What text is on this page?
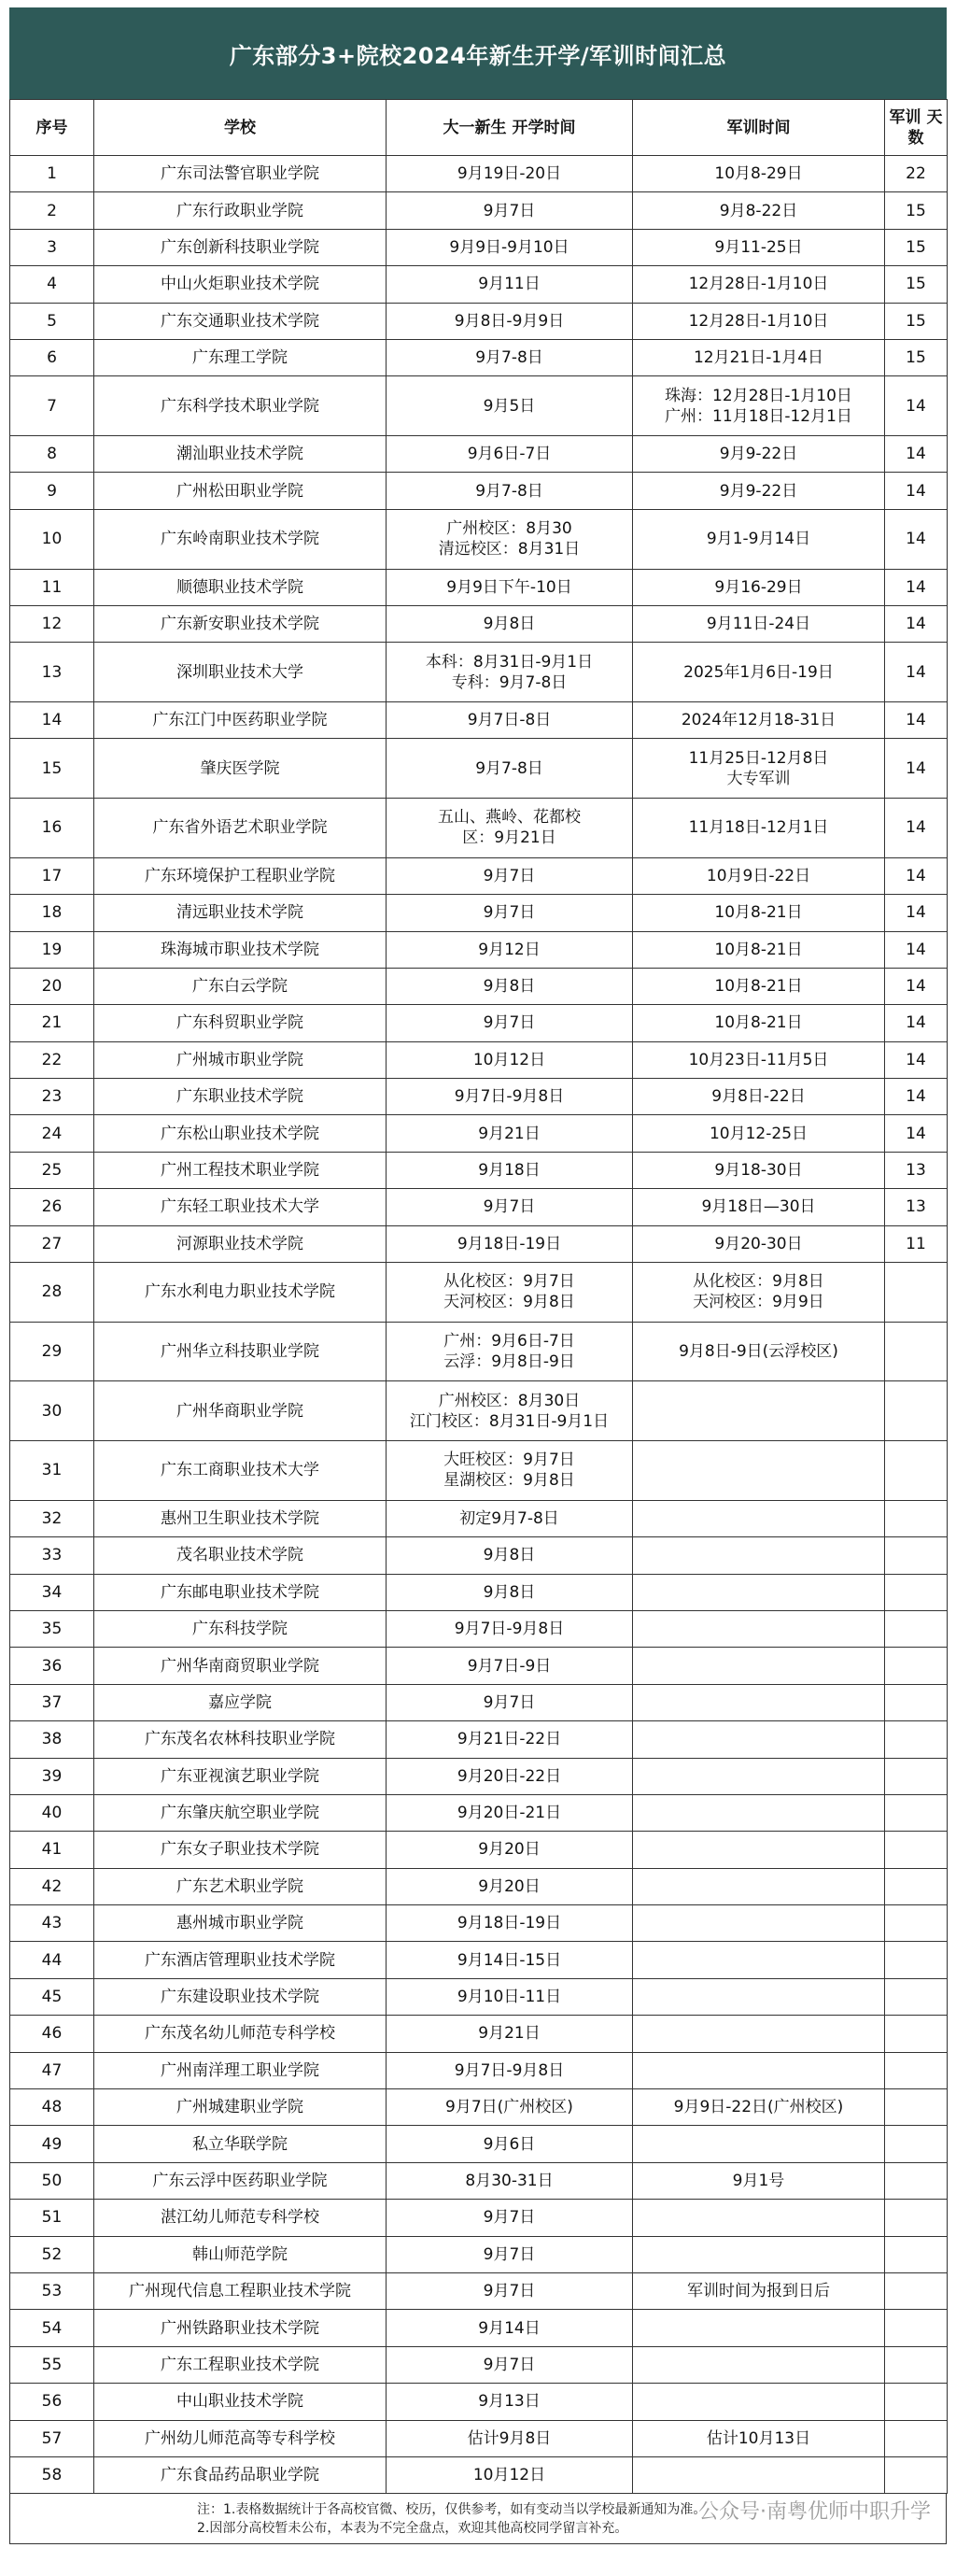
广东部分3+院校2024年新生开学/军训时间汇总
序号	学校	大一新生 开学时间	军训时间	军训 天数
1	广东司法警官职业学院	9月19日-20日	10月8-29日	22
2	广东行政职业学院	9月7日	9月8-22日	15
3	广东创新科技职业学院	9月9日-9月10日	9月11-25日	15
4	中山火炬职业技术学院	9月11日	12月28日-1月10日	15
5	广东交通职业技术学院	9月8日-9月9日	12月28日-1月10日	15
6	广东理工学院	9月7-8日	12月21日-1月4日	15
7	广东科学技术职业学院	9月5日	珠海：12月28日-1月10日
广州：11月18日-12月1日	14
8	潮汕职业技术学院	9月6日-7日	9月9-22日	14
9	广州松田职业学院	9月7-8日	9月9-22日	14
10	广东岭南职业技术学院	广州校区：8月30
清远校区：8月31日	9月1-9月14日	14
11	顺德职业技术学院	9月9日下午-10日	9月16-29日	14
12	广东新安职业技术学院	9月8日	9月11日-24日	14
13	深圳职业技术大学	本科：8月31日-9月1日
专科：9月7-8日	2025年1月6日-19日	14
14	广东江门中医药职业学院	9月7日-8日	2024年12月18-31日	14
15	肇庆医学院	9月7-8日	11月25日-12月8日
大专军训	14
16	广东省外语艺术职业学院	五山、燕岭、花都校
区：9月21日	11月18日-12月1日	14
17	广东环境保护工程职业学院	9月7日	10月9日-22日	14
18	清远职业技术学院	9月7日	10月8-21日	14
19	珠海城市职业技术学院	9月12日	10月8-21日	14
20	广东白云学院	9月8日	10月8-21日	14
21	广东科贸职业学院	9月7日	10月8-21日	14
22	广州城市职业学院	10月12日	10月23日-11月5日	14
23	广东职业技术学院	9月7日-9月8日	9月8日-22日	14
24	广东松山职业技术学院	9月21日	10月12-25日	14
25	广州工程技术职业学院	9月18日	9月18-30日	13
26	广东轻工职业技术大学	9月7日	9月18日—30日	13
27	河源职业技术学院	9月18日-19日	9月20-30日	11
28	广东水利电力职业技术学院	从化校区：9月7日
天河校区：9月8日	从化校区：9月8日
天河校区：9月9日	

29	广州华立科技职业学院	广州：9月6日-7日
云浮：9月8日-9日	9月8日-9日(云浮校区)	

30	广州华商职业学院	广州校区：8月30日
江门校区：8月31日-9月1日		

31	广东工商职业技术大学	大旺校区：9月7日
星湖校区：9月8日		

32	惠州卫生职业技术学院	初定9月7-8日		

33	茂名职业技术学院	9月8日		

34	广东邮电职业技术学院	9月8日		

35	广东科技学院	9月7日-9月8日		

36	广州华南商贸职业学院	9月7日-9日		

37	嘉应学院	9月7日		

38	广东茂名农林科技职业学院	9月21日-22日		

39	广东亚视演艺职业学院	9月20日-22日		

40	广东肇庆航空职业学院	9月20日-21日		

41	广东女子职业技术学院	9月20日		

42	广东艺术职业学院	9月20日		

43	惠州城市职业学院	9月18日-19日		

44	广东酒店管理职业技术学院	9月14日-15日		

45	广东建设职业技术学院	9月10日-11日		

46	广东茂名幼儿师范专科学校	9月21日		

47	广州南洋理工职业学院	9月7日-9月8日		

48	广州城建职业学院	9月7日(广州校区)	9月9日-22日(广州校区)	

49	私立华联学院	9月6日		

50	广东云浮中医药职业学院	8月30-31日	9月1号	

51	湛江幼儿师范专科学校	9月7日		

52	韩山师范学院	9月7日		

53	广州现代信息工程职业技术学院	9月7日	军训时间为报到日后	

54	广州铁路职业技术学院	9月14日		

55	广东工程职业技术学院	9月7日		

56	中山职业技术学院	9月13日		

57	广州幼儿师范高等专科学校	估计9月8日	估计10月13日	

58	广东食品药品职业学院	10月12日		

注：1.表格数据统计于各高校官微、校历，仅供参考，如有变动当以学校最新通知为准。
2.因部分高校暂未公布，本表为不完全盘点，欢迎其他高校同学留言补充。
公众号·南粤优师中职升学
